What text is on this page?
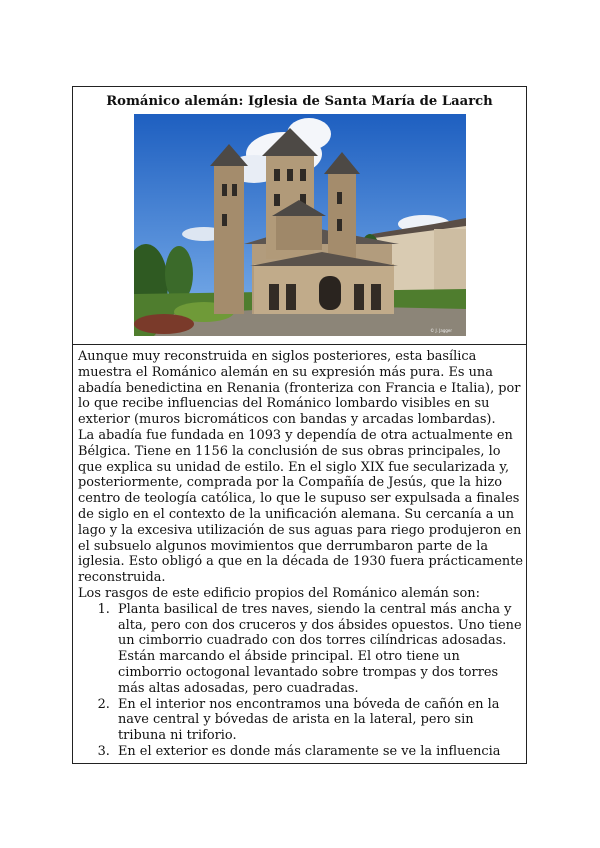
Románico alemán: Iglesia de Santa María de Laarch
© J. Jagger

Aunque muy reconstruida en siglos posteriores, esta basílica muestra el Románico alemán en su expresión más pura. Es una abadía benedictina en Renania (fronteriza con Francia e Italia), por lo que recibe influencias del Románico lombardo visibles en su exterior (muros bicromáticos con bandas y arcadas lombardas).

La abadía fue fundada en 1093 y dependía de otra actualmente en Bélgica. Tiene en 1156 la conclusión de sus obras principales, lo que explica su unidad de estilo. En el siglo XIX fue secularizada y, posteriormente, comprada por la Compañía de Jesús, que la hizo centro de teología católica, lo que le supuso ser expulsada a finales de siglo en el contexto de la unificación alemana. Su cercanía a un lago y la excesiva utilización de sus aguas para riego produjeron en el subsuelo algunos movimientos que derrumbaron parte de la iglesia. Esto obligó a que en la década de 1930 fuera prácticamente reconstruida.

Los rasgos de este edificio propios del Románico alemán son:

1. Planta basilical de tres naves, siendo la central más ancha y alta, pero con dos cruceros y dos ábsides opuestos. Uno tiene un cimborrio cuadrado con dos torres cilíndricas adosadas. Están marcando el ábside principal. El otro tiene un cimborrio octogonal levantado sobre trompas y dos torres más altas adosadas, pero cuadradas.
2. En el interior nos encontramos una bóveda de cañón en la nave central y bóvedas de arista en la lateral, pero sin tribuna ni triforio.
3. En el exterior es donde más claramente se ve la influencia
